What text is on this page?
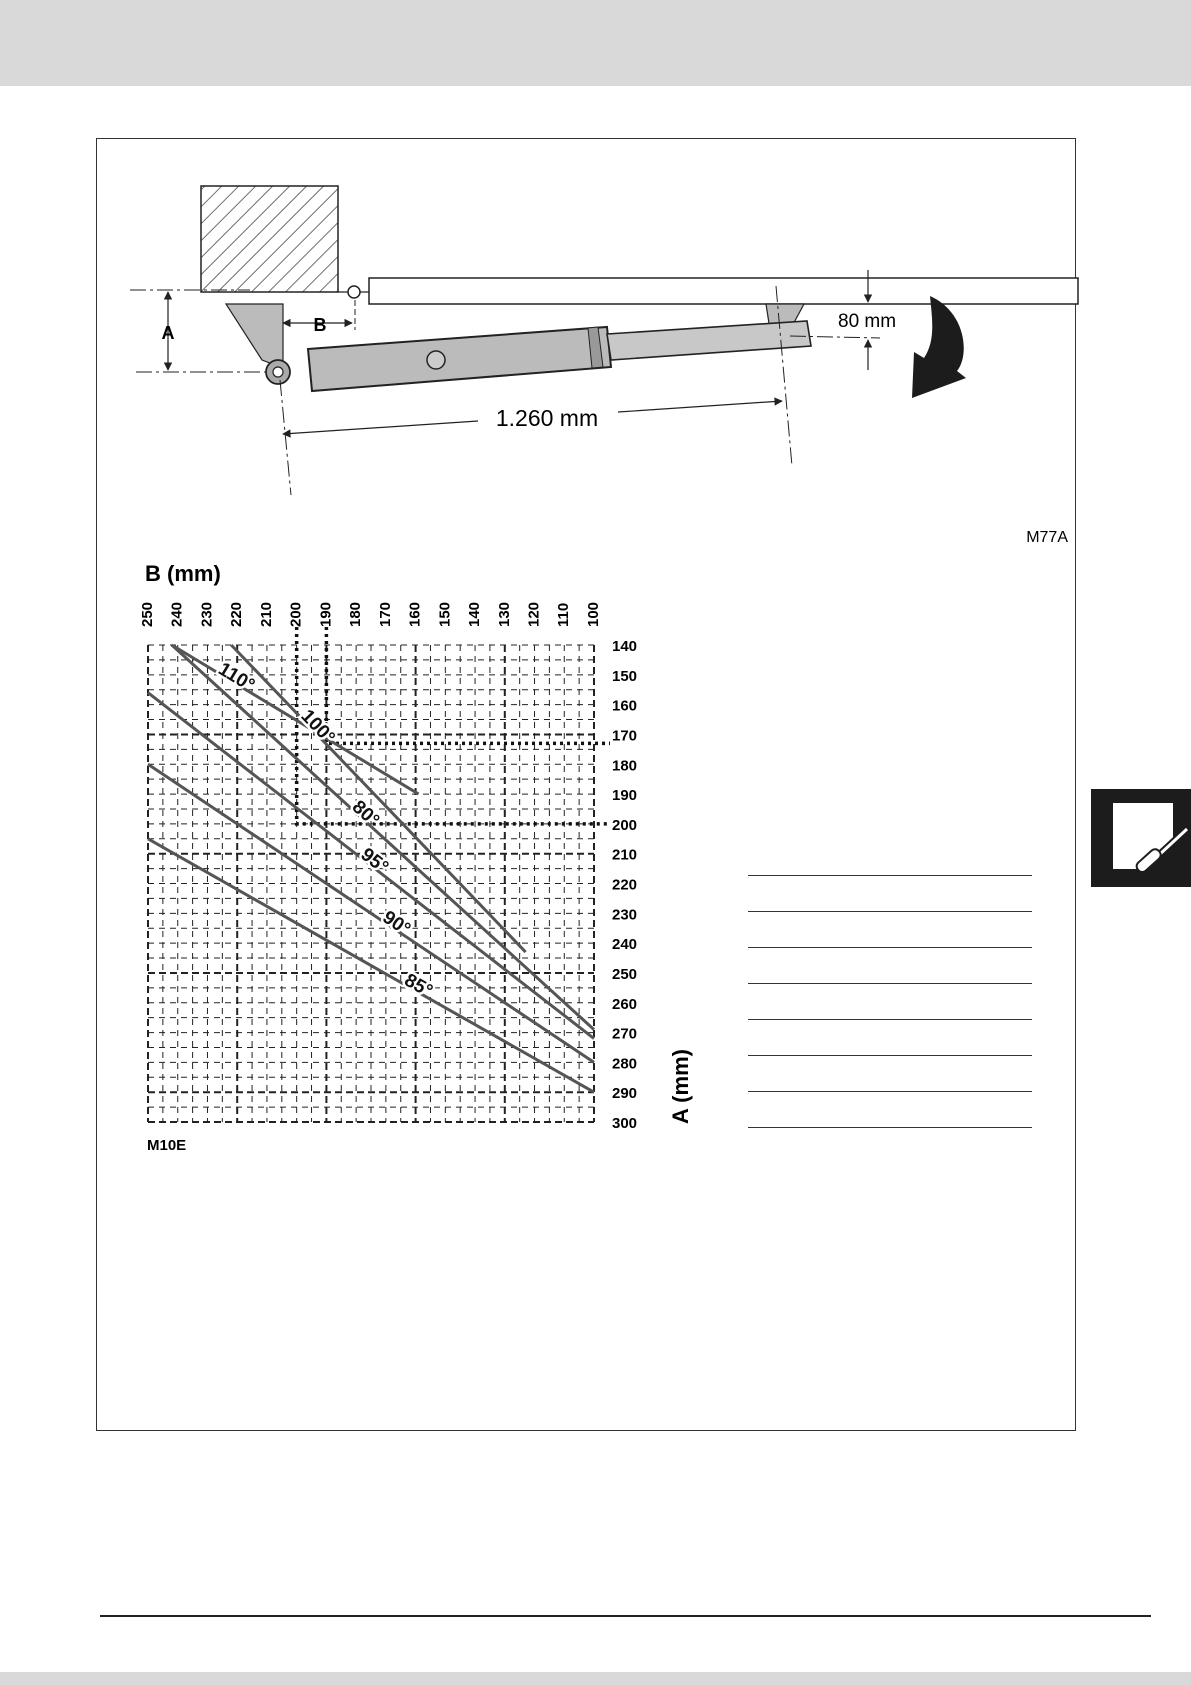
A	B	80 mm
1.260 mm
M77A
110°
100°
95°
90°
85°
80°
250 240 230 220 210 200 190 180 170 160 150 140 130 120 110 100
140
150
160
170
180
190
200
210
220
230
240
250
260
270
280
290
300
B (mm)
A (mm)
M10E
